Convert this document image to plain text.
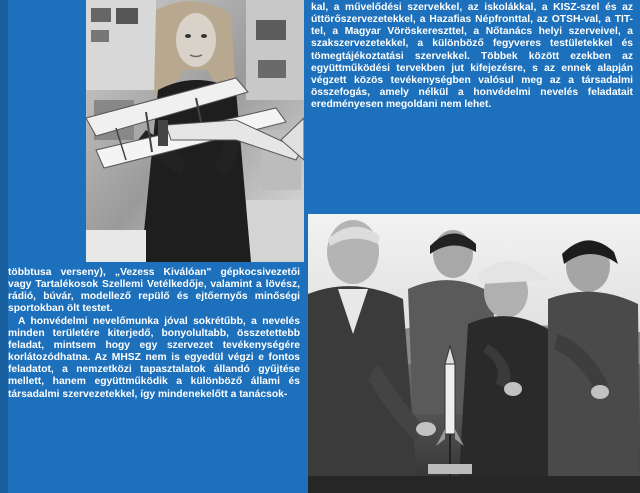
kal, a művelődési szervekkel, az iskolákkal, a KISZ-szel és az úttörőszervezetekkel, a Hazafias Népfronttal, az OTSH-val, a TIT-tel, a Magyar Vöröskereszttel, a Nőtanács helyi szerveivel, a szakszervezetekkel, a különböző fegyveres testületekkel és tömegtájékoztatási szervekkel. Többek között ezekben az együttműködési tervekben jut kifejezésre, s az ennek alapján végzett közös tevékenységben valósul meg az a társadalmi összefogás, amely nélkül a honvédelmi nevelés feladatait eredményesen megoldani nem lehet.

többtusa verseny), „Vezess Kiválóan" gépkocsivezetői vagy Tartalékosok Szellemi Vetélkedője, valamint a lövész, rádió, búvár, modellező repülő és ejtőernyős minőségi sportokban ölt testet.

A honvédelmi nevelőmunka jóval sokrétűbb, a nevelés minden területére kiterjedő, bonyolultabb, összetettebb feladat, mintsem hogy egy szervezet tevékenységére korlátozódhatna. Az MHSZ nem is egyedül végzi e fontos feladatot, a nemzetközi tapasztalatok állandó gyűjtése mellett, hanem együttműködik a különböző állami és társadalmi szervezetekkel, így mindenekelőtt a tanácsok-
